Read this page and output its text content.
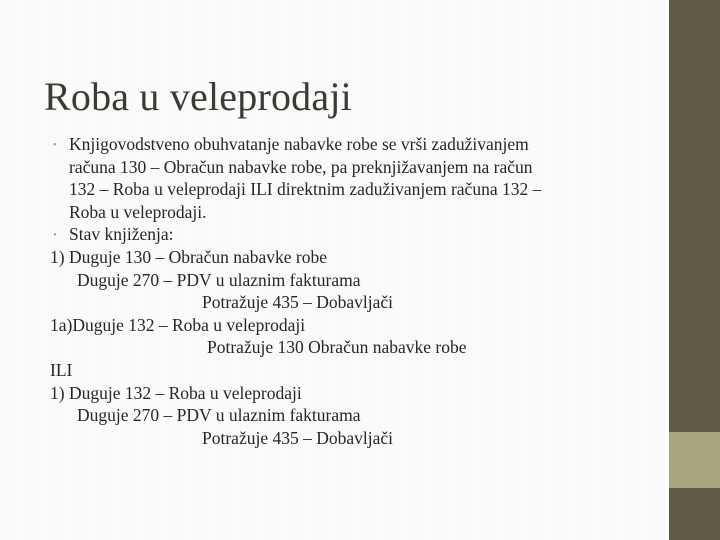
Roba u veleprodaji
• Knjigovodstveno obuhvatanje nabavke robe se vrši zaduživanjem
računa 130 – Obračun nabavke robe, pa preknjižavanjem na račun
132 – Roba u veleprodaji ILI direktnim zaduživanjem računa 132 –
Roba u veleprodaji.
• Stav knjiženja:
1) Duguje 130 – Obračun nabavke robe
Duguje 270 – PDV u ulaznim fakturama
Potražuje 435 – Dobavljači
1a)Duguje 132 – Roba u veleprodaji
Potražuje 130 Obračun nabavke robe
ILI
1) Duguje 132 – Roba u veleprodaji
Duguje 270 – PDV u ulaznim fakturama
Potražuje 435 – Dobavljači
